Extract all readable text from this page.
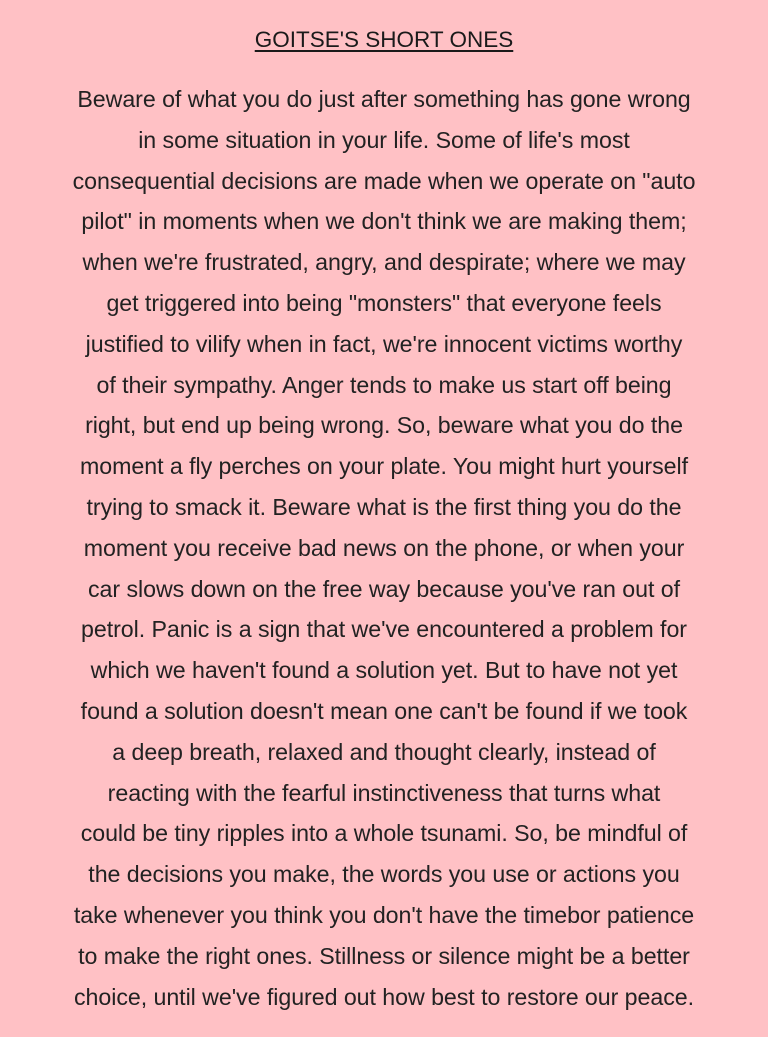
GOITSE'S SHORT ONES
Beware of what you do just after something has gone wrong
in some situation in your life. Some of life's most
consequential decisions are made when we operate on "auto
pilot" in moments when we don't think we are making them;
when we're frustrated, angry, and despirate; where we may
get triggered into being "monsters" that everyone feels
justified to vilify when in fact, we're innocent victims worthy
of their sympathy. Anger tends to make us start off being
right, but end up being wrong. So, beware what you do the
moment a fly perches on your plate. You might hurt yourself
trying to smack it. Beware what is the first thing you do the
moment you receive bad news on the phone, or when your
car slows down on the free way because you've ran out of
petrol. Panic is a sign that we've encountered a problem for
which we haven't found a solution yet. But to have not yet
found a solution doesn't mean one can't be found if we took
a deep breath, relaxed and thought clearly, instead of
reacting with the fearful instinctiveness that turns what
could be tiny ripples into a whole tsunami. So, be mindful of
the decisions you make, the words you use or actions you
take whenever you think you don't have the timebor patience
to make the right ones. Stillness or silence might be a better
choice, until we've figured out how best to restore our peace.
